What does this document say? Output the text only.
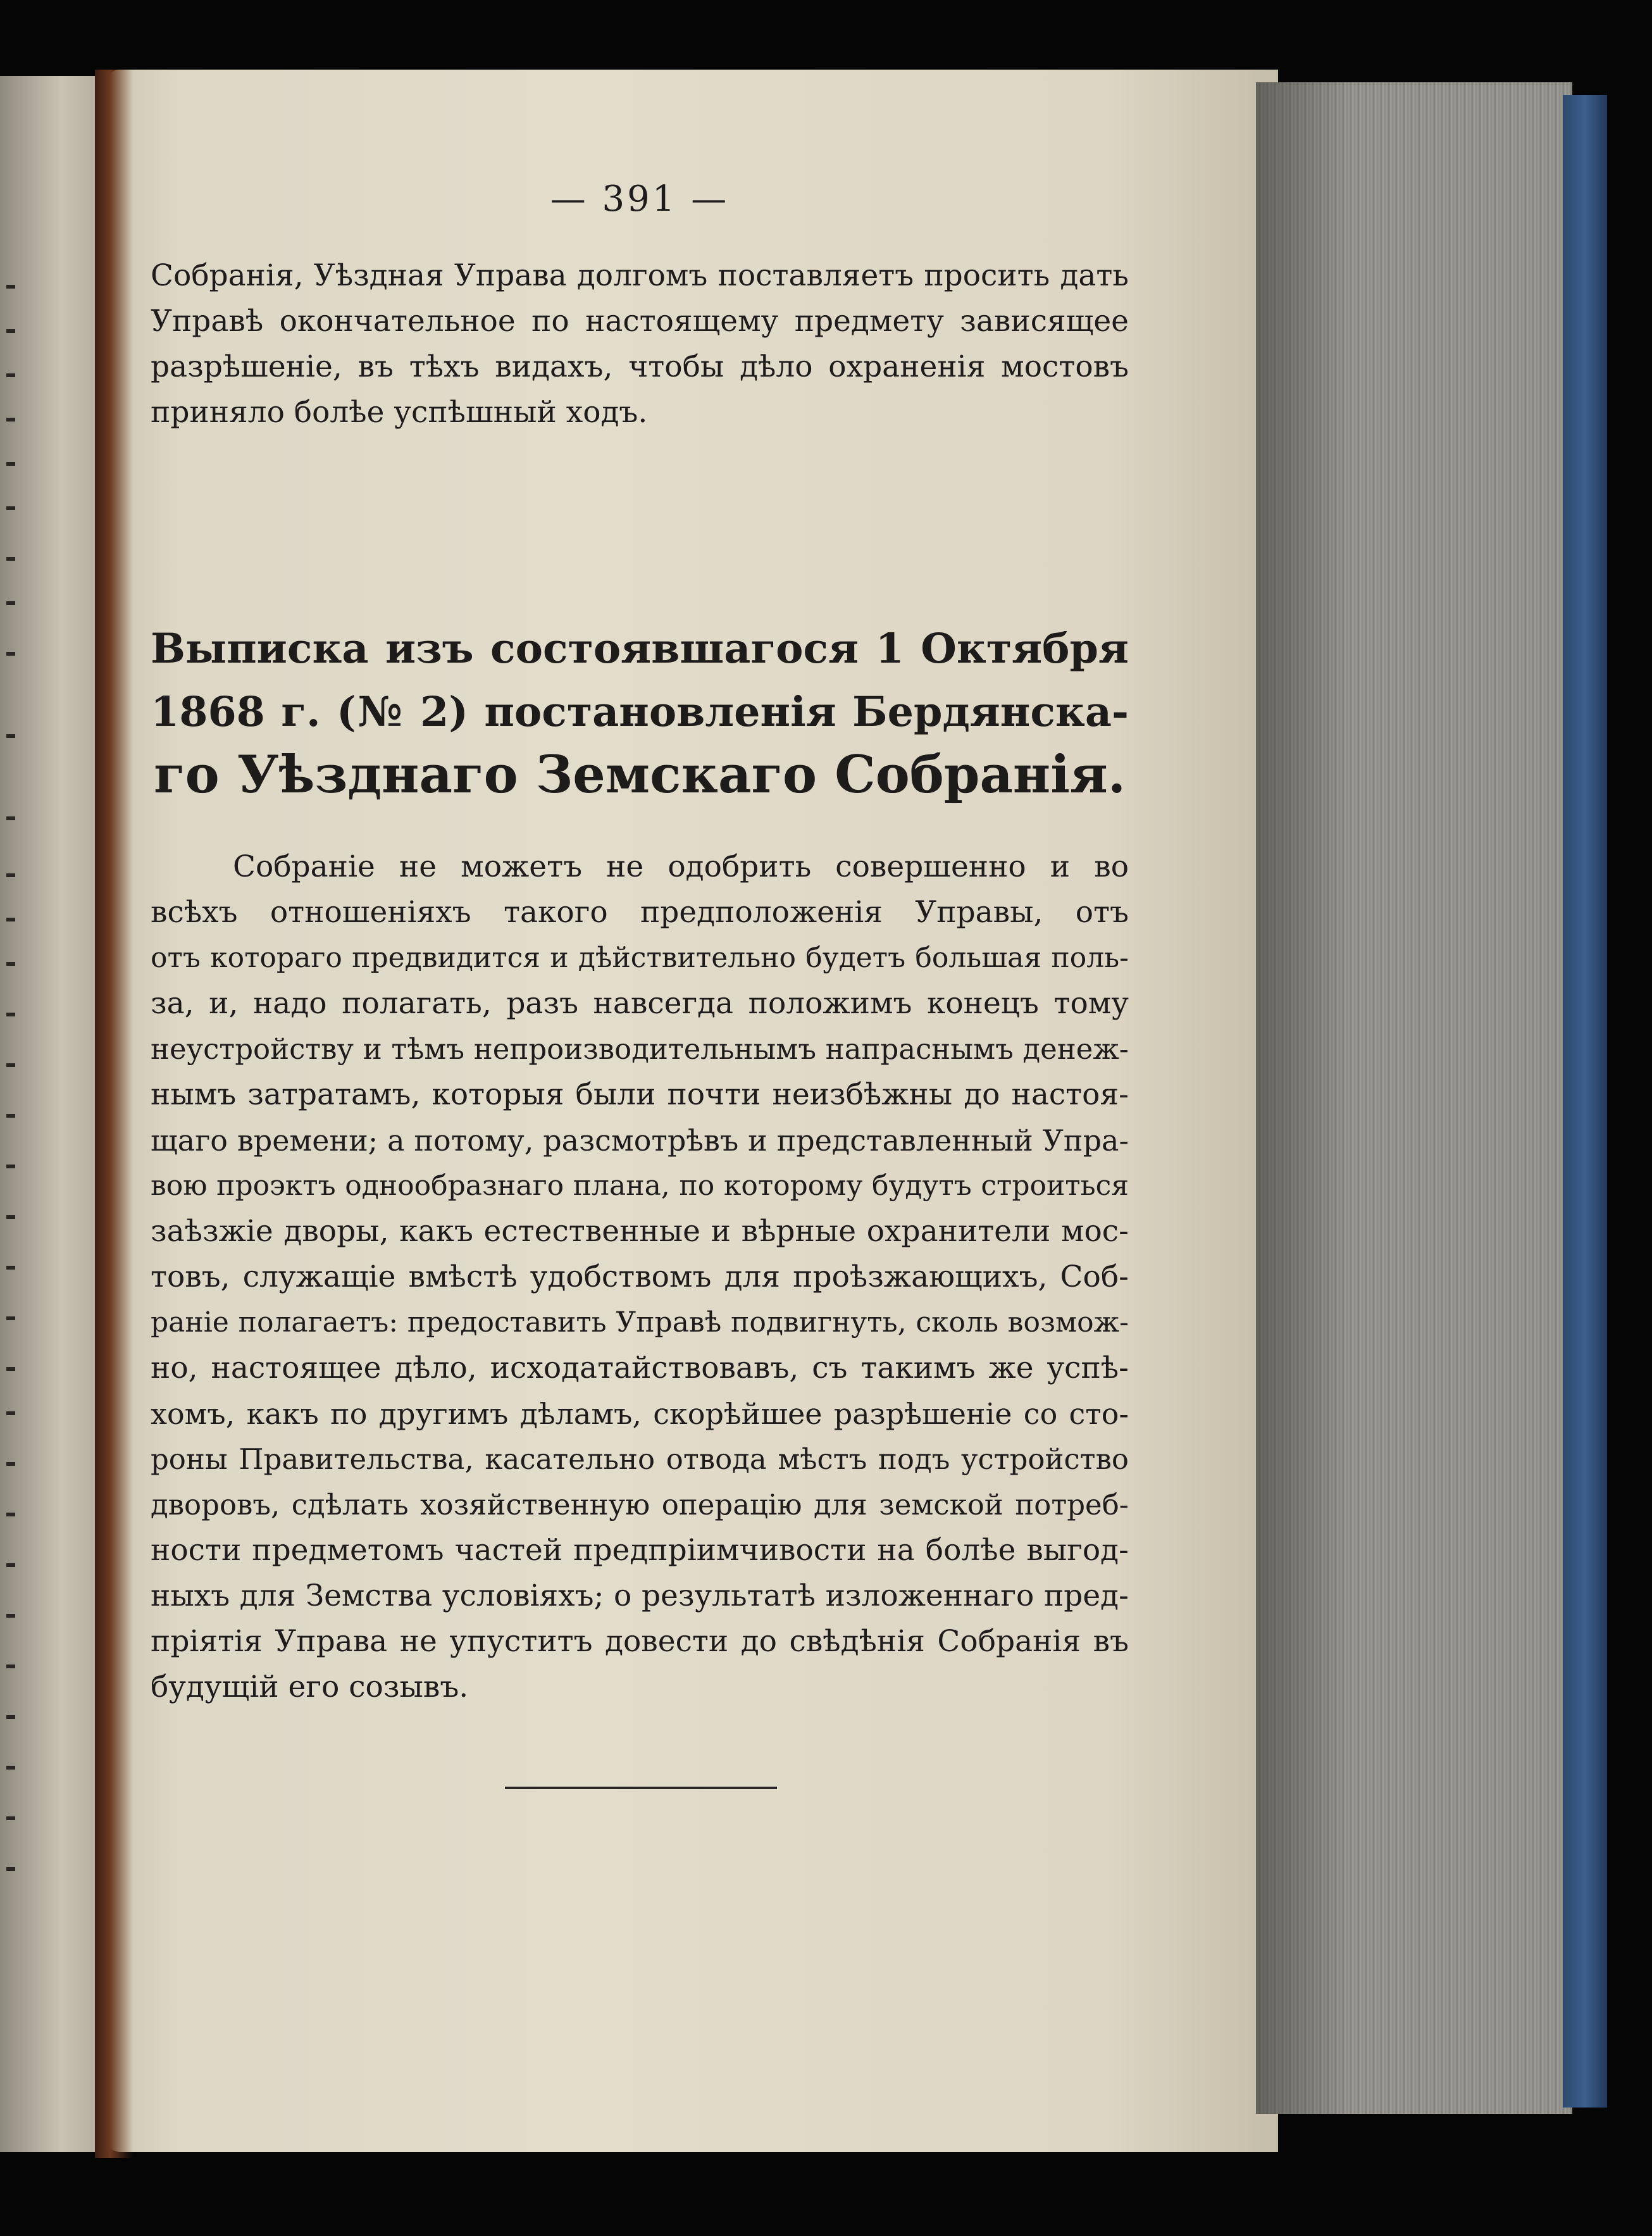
— 391 —
Собранія, Уѣздная Управа долгомъ поставляетъ просить дать
Управѣ окончательное по настоящему предмету зависящее
разрѣшеніе, въ тѣхъ видахъ, чтобы дѣло охраненія мостовъ
приняло болѣе успѣшный ходъ.
Выписка изъ состоявшагося 1 Октября
1868 г. (№ 2) постановленія Бердянска-
го Уѣзднаго Земскаго Собранія.
Собраніе не можетъ не одобрить совершенно и во
всѣхъ отношеніяхъ такого предположенія Управы, отъ
отъ котораго предвидится и дѣйствительно будетъ большая поль-
за, и, надо полагать, разъ навсегда положимъ конецъ тому
неустройству и тѣмъ непроизводительнымъ напраснымъ денеж-
нымъ затратамъ, которыя были почти неизбѣжны до настоя-
щаго времени; а потому, разсмотрѣвъ и представленный Упра-
вою проэктъ однообразнаго плана, по которому будутъ строиться
заѣзжіе дворы, какъ естественные и вѣрные охранители мос-
товъ, служащіе вмѣстѣ удобствомъ для проѣзжающихъ, Соб-
раніе полагаетъ: предоставить Управѣ подвигнуть, сколь возмож-
но, настоящее дѣло, исходатайствовавъ, съ такимъ же успѣ-
хомъ, какъ по другимъ дѣламъ, скорѣйшее разрѣшеніе со сто-
роны Правительства, касательно отвода мѣстъ подъ устройство
дворовъ, сдѣлать хозяйственную операцію для земской потреб-
ности предметомъ частей предпріимчивости на болѣе выгод-
ныхъ для Земства условіяхъ; о результатѣ изложеннаго пред-
пріятія Управа не упуститъ довести до свѣдѣнія Собранія въ
будущій его созывъ.
